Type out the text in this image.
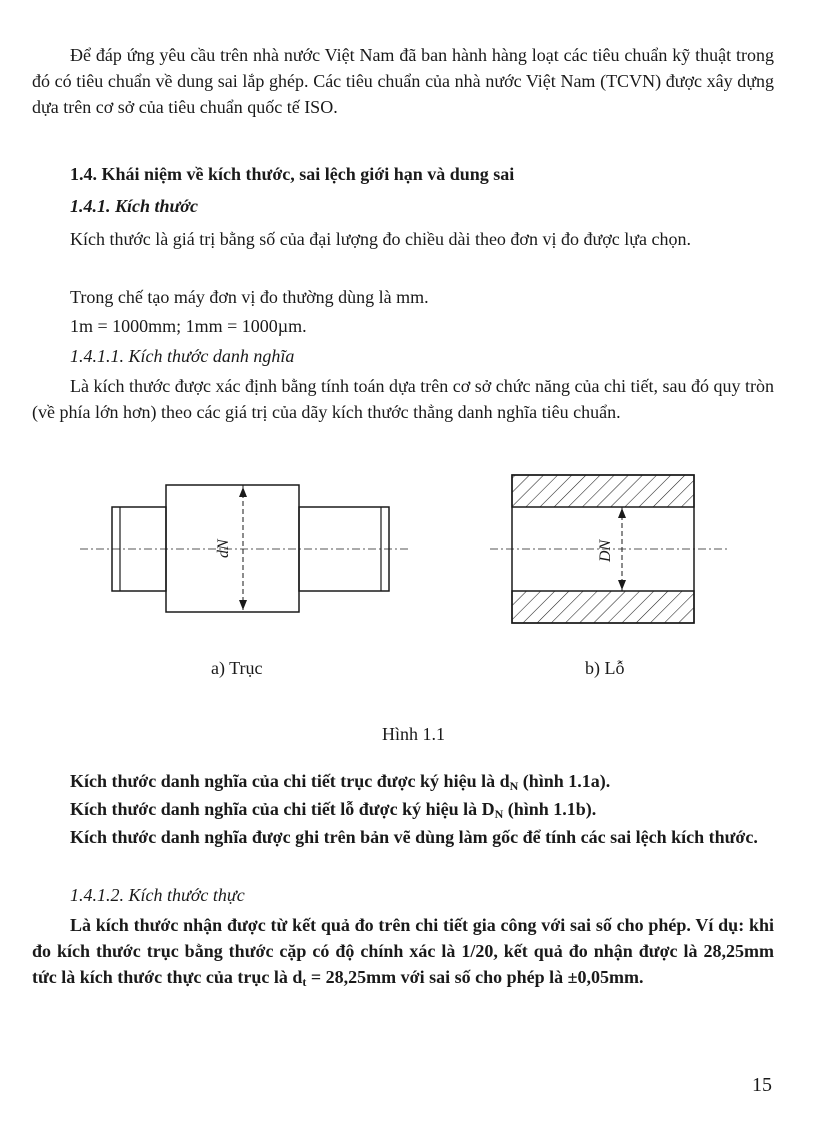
Để đáp ứng yêu cầu trên nhà nước Việt Nam đã ban hành hàng loạt các tiêu chuẩn kỹ thuật trong đó có tiêu chuẩn về dung sai lắp ghép. Các tiêu chuẩn của nhà nước Việt Nam (TCVN) được xây dựng dựa trên cơ sở của tiêu chuẩn quốc tế ISO.

1.4. Khái niệm về kích thước, sai lệch giới hạn và dung sai

1.4.1. Kích thước

Kích thước là giá trị bằng số của đại lượng đo chiều dài theo đơn vị đo được lựa chọn.

Trong chế tạo máy đơn vị đo thường dùng là mm.

1m = 1000mm; 1mm = 1000µm.

1.4.1.1. Kích thước danh nghĩa

Là kích thước được xác định bằng tính toán dựa trên cơ sở chức năng của chi tiết, sau đó quy tròn (về phía lớn hơn) theo các giá trị của dãy kích thước thẳng danh nghĩa tiêu chuẩn.

dN	DN

a) Trục	b) Lỗ

Hình 1.1

Kích thước danh nghĩa của chi tiết trục được ký hiệu là $d_N$ (hình 1.1a).

Kích thước danh nghĩa của chi tiết lỗ được ký hiệu là $D_N$ (hình 1.1b).

Kích thước danh nghĩa được ghi trên bản vẽ dùng làm gốc để tính các sai lệch kích thước.

1.4.1.2. Kích thước thực

Là kích thước nhận được từ kết quả đo trên chi tiết gia công với sai số cho phép. Ví dụ: khi đo kích thước trục bằng thước cặp có độ chính xác là 1/20, kết quả đo nhận được là 28,25mm tức là kích thước thực của trục là $d_t = 28,25mm$ với sai số cho phép là ±0,05mm.

15
